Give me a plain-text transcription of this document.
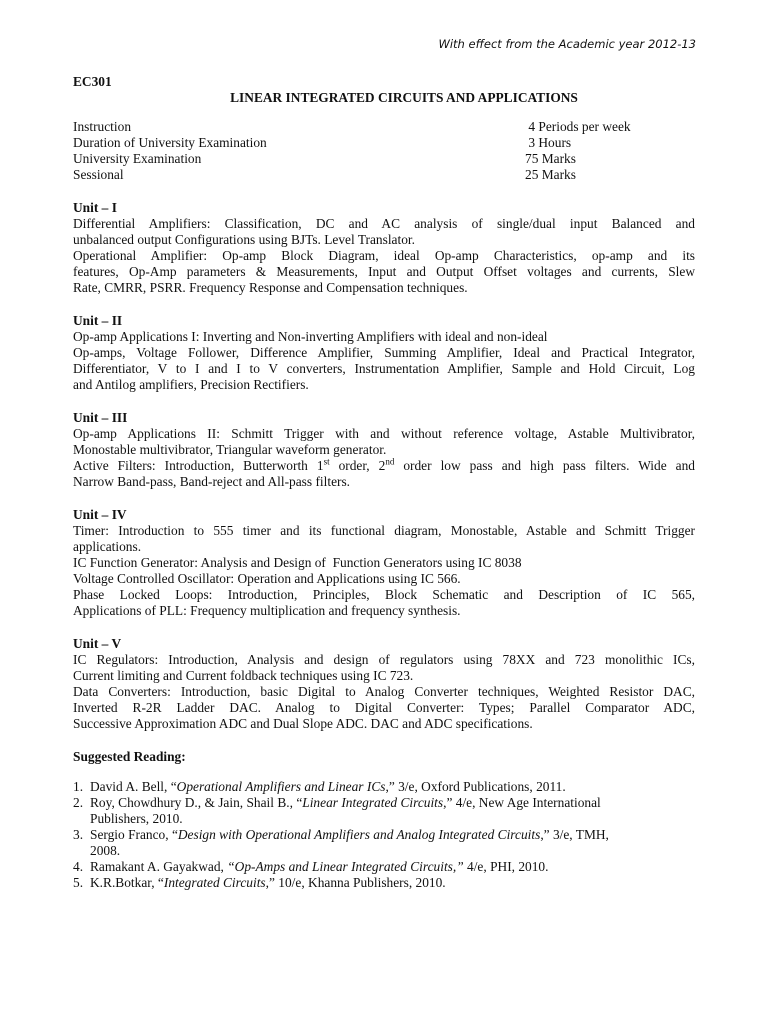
With effect from the Academic year 2012-13
EC301
LINEAR INTEGRATED CIRCUITS AND APPLICATIONS
Instruction	4 Periods per week
Duration of University Examination	3 Hours
University Examination	75 Marks
Sessional	25 Marks
Unit – I
Differential Amplifiers: Classification, DC and AC analysis of single/dual input Balanced and
unbalanced output Configurations using BJTs. Level Translator.
Operational Amplifier: Op-amp Block Diagram, ideal Op-amp Characteristics, op-amp and its
features, Op-Amp parameters & Measurements, Input and Output Offset voltages and currents, Slew
Rate, CMRR, PSRR. Frequency Response and Compensation techniques.
Unit – II
Op-amp Applications I: Inverting and Non-inverting Amplifiers with ideal and non-ideal
Op-amps, Voltage Follower, Difference Amplifier, Summing Amplifier, Ideal and Practical Integrator,
Differentiator, V to I and I to V converters, Instrumentation Amplifier, Sample and Hold Circuit, Log
and Antilog amplifiers, Precision Rectifiers.
Unit – III
Op-amp Applications II: Schmitt Trigger with and without reference voltage, Astable Multivibrator,
Monostable multivibrator, Triangular waveform generator.
Active Filters: Introduction, Butterworth 1st order, 2nd order low pass and high pass filters. Wide and
Narrow Band-pass, Band-reject and All-pass filters.
Unit – IV
Timer: Introduction to 555 timer and its functional diagram, Monostable, Astable and Schmitt Trigger
applications.
IC Function Generator: Analysis and Design of  Function Generators using IC 8038
Voltage Controlled Oscillator: Operation and Applications using IC 566.
Phase Locked Loops: Introduction, Principles, Block Schematic and Description of IC 565,
Applications of PLL: Frequency multiplication and frequency synthesis.
Unit – V
IC Regulators: Introduction, Analysis and design of regulators using 78XX and 723 monolithic ICs,
Current limiting and Current foldback techniques using IC 723.
Data Converters: Introduction, basic Digital to Analog Converter techniques, Weighted Resistor DAC,
Inverted R-2R Ladder DAC. Analog to Digital Converter: Types; Parallel Comparator ADC,
Successive Approximation ADC and Dual Slope ADC. DAC and ADC specifications.
Suggested Reading:
1. David A. Bell, “Operational Amplifiers and Linear ICs,” 3/e, Oxford Publications, 2011.
2. Roy, Chowdhury D., & Jain, Shail B., “Linear Integrated Circuits,” 4/e, New Age International
Publishers, 2010.
3. Sergio Franco, “Design with Operational Amplifiers and Analog Integrated Circuits,” 3/e, TMH,
2008.
4. Ramakant A. Gayakwad, “Op-Amps and Linear Integrated Circuits,” 4/e, PHI, 2010.
5. K.R.Botkar, “Integrated Circuits,” 10/e, Khanna Publishers, 2010.
